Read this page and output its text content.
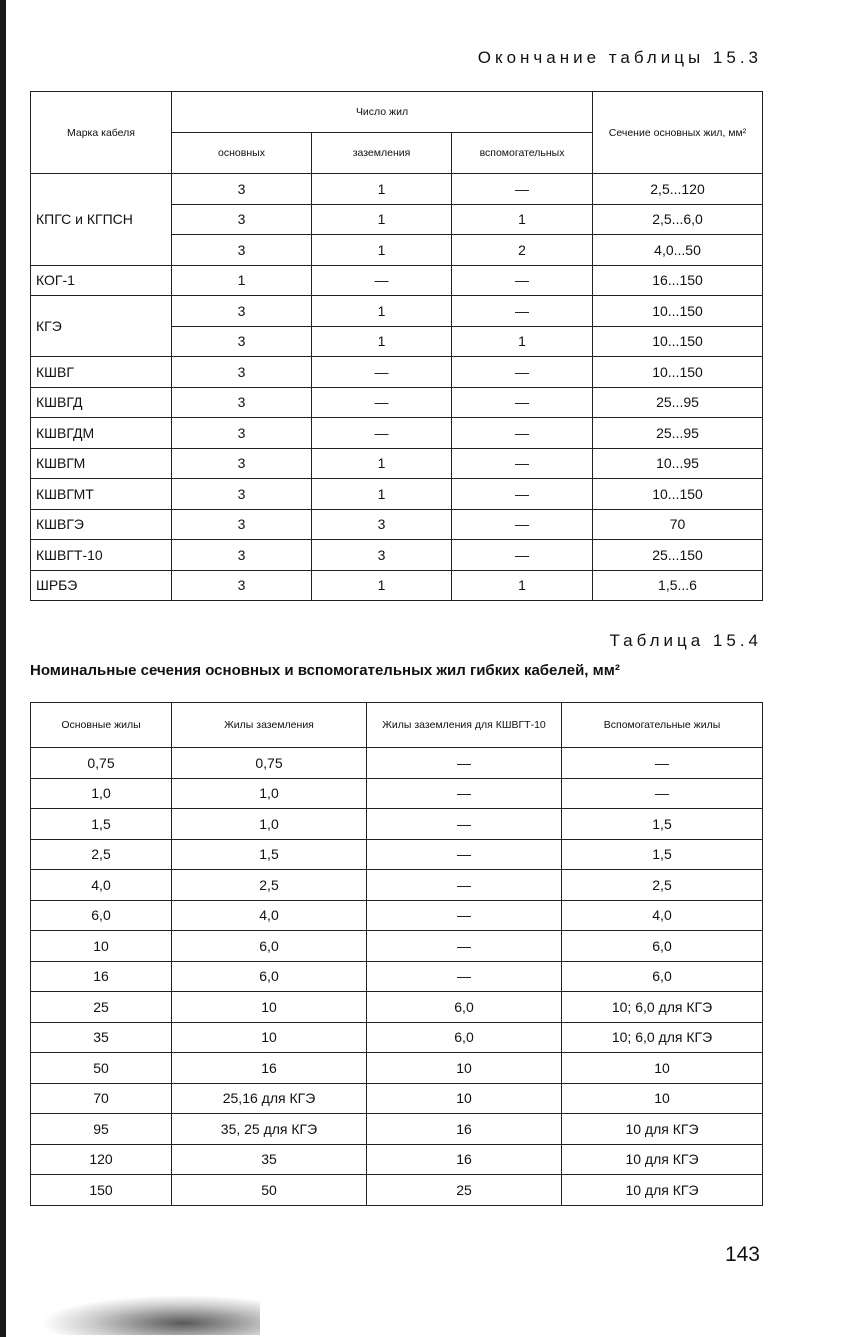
Окончание таблицы 15.3
Марка кабеля	Число жил			Сечение основных жил, мм²
	основных	заземления	вспомогательных	
КПГС и КГПСН	3	1	—	2,5...120
	3	1	1	2,5...6,0
	3	1	2	4,0...50
КОГ-1	1	—	—	16...150
КГЭ	3	1	—	10...150
	3	1	1	10...150
КШВГ	3	—	—	10...150
КШВГД	3	—	—	25...95
КШВГДМ	3	—	—	25...95
КШВГМ	3	1	—	10...95
КШВГМТ	3	1	—	10...150
КШВГЭ	3	3	—	70
КШВГТ-10	3	3	—	25...150
ШРБЭ	3	1	1	1,5...6
Таблица 15.4
Номинальные сечения основных и вспомогательных жил гибких кабелей, мм²
Основные жилы	Жилы заземления	Жилы заземления для КШВГТ-10	Вспомогательные жилы
0,75	0,75	—	—
1,0	1,0	—	—
1,5	1,0	—	1,5
2,5	1,5	—	1,5
4,0	2,5	—	2,5
6,0	4,0	—	4,0
10	6,0	—	6,0
16	6,0	—	6,0
25	10	6,0	10; 6,0 для КГЭ
35	10	6,0	10; 6,0 для КГЭ
50	16	10	10
70	25,16 для КГЭ	10	10
95	35, 25 для КГЭ	16	10 для КГЭ
120	35	16	10 для КГЭ
150	50	25	10 для КГЭ
143
